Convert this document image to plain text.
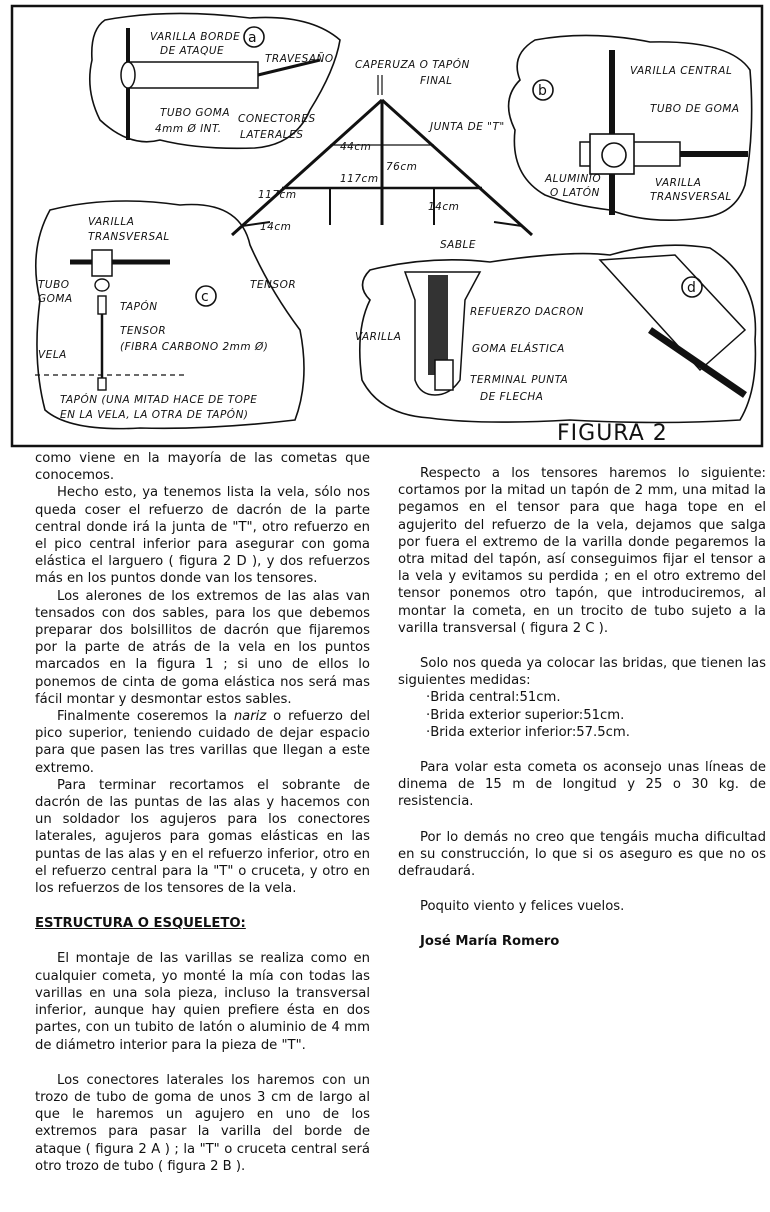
VARILLA BORDE
DE ATAQUE
a
TRAVESAÑO
TUBO GOMA
4mm Ø INT.
CAPERUZA O TAPÓN
FINAL
CONECTORES
LATERALES
JUNTA DE "T"
44cm
76cm
117cm
117cm
14cm
14cm
SABLE
TENSOR
b
VARILLA CENTRAL
TUBO DE GOMA
ALUMINIO
O LATÓN
VARILLA
TRANSVERSAL
c
VARILLA
TRANSVERSAL
TUBO
GOMA
TAPÓN
TENSOR
(FIBRA CARBONO 2mm Ø)
VELA
TAPÓN (UNA MITAD HACE DE TOPE
EN LA VELA, LA OTRA DE TAPÓN)
d
REFUERZO DACRON
VARILLA
GOMA ELÁSTICA
TERMINAL PUNTA
DE FLECHA
FIGURA 2

como viene en la mayoría de las cometas que conocemos.

Hecho esto, ya tenemos lista la vela, sólo nos queda coser el refuerzo de dacrón de la parte central donde irá la junta de "T", otro refuerzo en el pico central inferior para asegurar con goma elástica el larguero ( figura 2 D ), y dos refuerzos más en los puntos donde van los tensores.

Los alerones de los extremos de las alas van tensados con dos sables, para los que debemos preparar dos bolsillitos de dacrón que fijaremos por la parte de atrás de la vela en los puntos marcados en la figura 1 ; si uno de ellos lo ponemos de cinta de goma elástica nos será mas fácil montar y desmontar estos sables.

Finalmente coseremos la nariz o refuerzo del pico superior, teniendo cuidado de dejar espacio para que pasen las tres varillas que llegan a este extremo.

Para terminar recortamos el sobrante de dacrón de las puntas de las alas y hacemos con un soldador los agujeros para los conectores laterales, agujeros para gomas elásticas en las puntas de las alas y en el refuerzo inferior, otro en el refuerzo central para la "T" o cruceta, y otro en los refuerzos de los tensores de la vela.

ESTRUCTURA O ESQUELETO:

El montaje de las varillas se realiza como en cualquier cometa, yo monté la mía con todas las varillas en una sola pieza, incluso la transversal inferior, aunque hay quien prefiere ésta en dos partes, con un tubito de latón o aluminio de 4 mm de diámetro interior para la pieza de "T".

Los conectores laterales los haremos con un trozo de tubo de goma de unos 3 cm de largo al que le haremos un agujero en uno de los extremos para pasar la varilla del borde de ataque ( figura 2 A ) ; la "T" o cruceta central será otro trozo de tubo ( figura 2 B ).

Respecto a los tensores haremos lo siguiente: cortamos por la mitad un tapón de 2 mm, una mitad la pegamos en el tensor para que haga tope en el agujerito del refuerzo de la vela, dejamos que salga por fuera el extremo de la varilla donde pegaremos la otra mitad del tapón, así conseguimos fijar el tensor a la vela y evitamos su perdida ; en el otro extremo del tensor ponemos otro tapón, que introduciremos, al montar la cometa, en un trocito de tubo sujeto a la varilla transversal ( figura 2 C ).

Solo nos queda ya colocar las bridas, que tienen las siguientes medidas:

·Brida central:51cm.

·Brida exterior superior:51cm.

·Brida exterior inferior:57.5cm.

Para volar esta cometa os aconsejo unas líneas de dinema de 15 m de longitud y 25 o 30 kg. de resistencia.

Por lo demás no creo que tengáis mucha dificultad en su construcción, lo que si os aseguro es que no os defraudará.

Poquito viento y felices vuelos.

José María Romero
